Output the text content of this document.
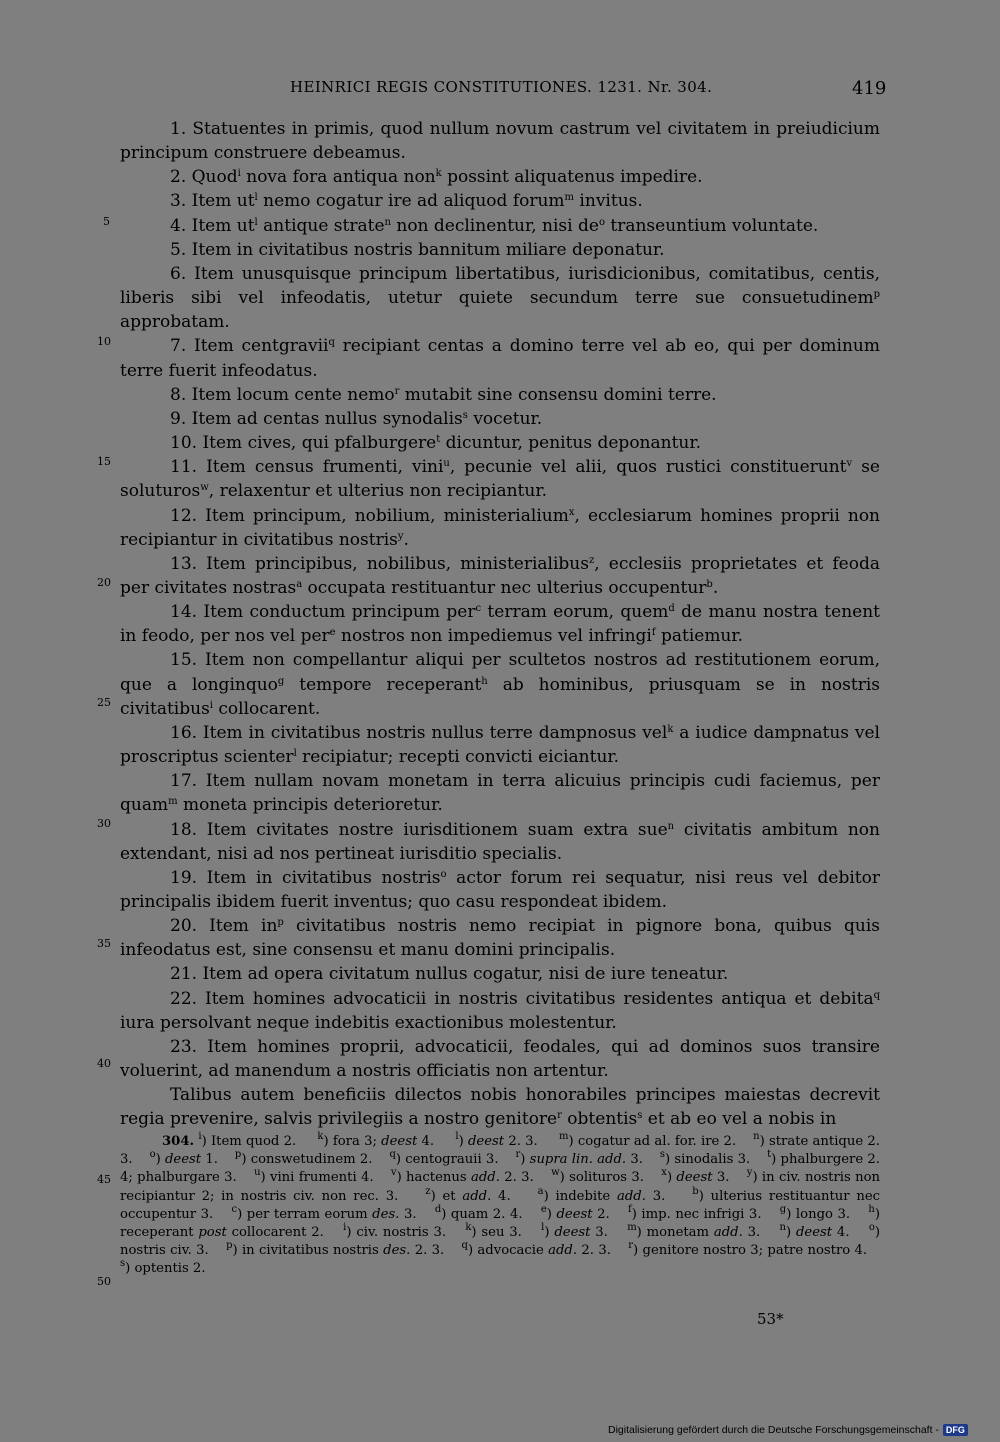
HEINRICI REGIS CONSTITUTIONES. 1231. Nr. 304.	419
5
10
15
20
25
30
35
40
45
50

1. Statuentes in primis, quod nullum novum castrum vel civitatem in preiudicium principum construere debeamus.

2. Quod$^i$ nova fora antiqua non$^k$ possint aliquatenus impedire.

3. Item $ut^l$ nemo cogatur ire ad aliquod forum$^m$ invitus.

4. Item $ut^l$ antique strate$^n$ non declinentur, nisi $de^o$ transeuntium voluntate.

5. Item in civitatibus nostris bannitum miliare deponatur.

6. Item unusquisque principum libertatibus, iurisdicionibus, comitatibus, centis, liberis sibi vel infeodatis, utetur quiete secundum terre sue consuetudinem$^p$ approbatam.

7. Item centgravii$^q$ recipiant centas a domino terre vel ab eo, qui per dominum terre fuerit infeodatus.

8. Item locum cente nemo$^r$ mutabit sine consensu domini terre.

9. Item ad centas nullus synodalis$^s$ vocetur.

10. Item cives, qui pfalburgere$^t$ dicuntur, penitus deponantur.

11. Item census frumenti, vini$^u$, pecunie vel alii, quos rustici constituerunt$^v$ se soluturos$^w$, relaxentur et ulterius non recipiantur.

12. Item principum, nobilium, ministerialium$^x$, ecclesiarum homines proprii non recipiantur in civitatibus nostris$^y$.

13. Item principibus, nobilibus, ministerialibus$^z$, ecclesiis proprietates et feoda per civitates nostras$^a$ occupata restituantur nec ulterius occupentur$^b$.

14. Item conductum principum per$^c$ terram eorum, quem$^d$ de manu nostra tenent in feodo, per nos vel per$^e$ nostros non impediemus vel infringi$^f$ patiemur.

15. Item non compellantur aliqui per scultetos nostros ad restitutionem eorum, que a longinquo$^g$ tempore receperant$^h$ ab hominibus, priusquam se in nostris civitatibus$^i$ collocarent.

16. Item in civitatibus nostris nullus terre dampnosus vel$^k$ a iudice dampnatus vel proscriptus scienter$^l$ recipiatur; recepti convicti eiciantur.

17. Item nullam novam monetam in terra alicuius principis cudi faciemus, per quam$^m$ moneta principis deterioretur.

18. Item civitates nostre iurisditionem suam extra sue$^n$ civitatis ambitum non extendant, nisi ad nos pertineat iurisditio specialis.

19. Item in civitatibus nostris$^o$ actor forum rei sequatur, nisi reus vel debitor principalis ibidem fuerit inventus; quo casu respondeat ibidem.

20. Item $in^p$ civitatibus nostris nemo recipiat in pignore bona, quibus quis infeodatus est, sine consensu et manu domini principalis.

21. Item ad opera civitatum nullus cogatur, nisi de iure teneatur.

22. Item homines advocaticii in nostris civitatibus residentes antiqua et debita$^q$ iura persolvant neque indebitis exactionibus molestentur.

23. Item homines proprii, advocaticii, feodales, qui ad dominos suos transire voluerint, ad manendum a nostris officiatis non artentur.

Talibus autem beneficiis dilectos nobis honorabiles principes maiestas decrevit regia prevenire, salvis privilegiis a nostro genitore$^r$ obtentis$^s$ et ab eo vel a nobis in

304. $^i$) Item quod 2.     $^k$) fora 3; deest 4.     $^l$) deest 2. 3.     $^m$) cogatur ad al. for. ire 2.    $^n$) strate antique 2. 3.    $^o$) deest 1.    $^p$) conswetudinem 2.    $^q$) centograuii 3.    $^r$) supra lin. add. 3.    $^s$) sinodalis 3.    $^t$) phalburgere 2. 4; phalburgare 3.    $^u$) vini frumenti 4.    $^v$) hactenus add. 2. 3.    $^w$) solituros 3.    $^x$) deest 3.    $^y$) in civ. nostris non recipiantur 2; in nostris civ. non rec. 3.    $^z$) et add. 4.    $^a$) indebite add. 3.    $^b$) ulterius restituantur nec occupentur 3.    $^c$) per terram eorum des. 3.    $^d$) quam 2. 4.    $^e$) deest 2.    $^f$) imp. nec infrigi 3.    $^g$) longo 3.    $^h$) receperant post collocarent 2.    $^i$) civ. nostris 3.    $^k$) seu 3.    $^l$) deest 3.    $^m$) monetam add. 3.    $^n$) deest 4.    $^o$) nostris civ. 3.    $^p$) in civitatibus nostris des. 2. 3.    $^q$) advocacie add. 2. 3.    $^r$) genitore nostro 3; patre nostro 4.    $^s$) optentis 2.

53*
Digitalisierung gefördert durch die Deutsche Forschungsgemeinschaft - DFG
